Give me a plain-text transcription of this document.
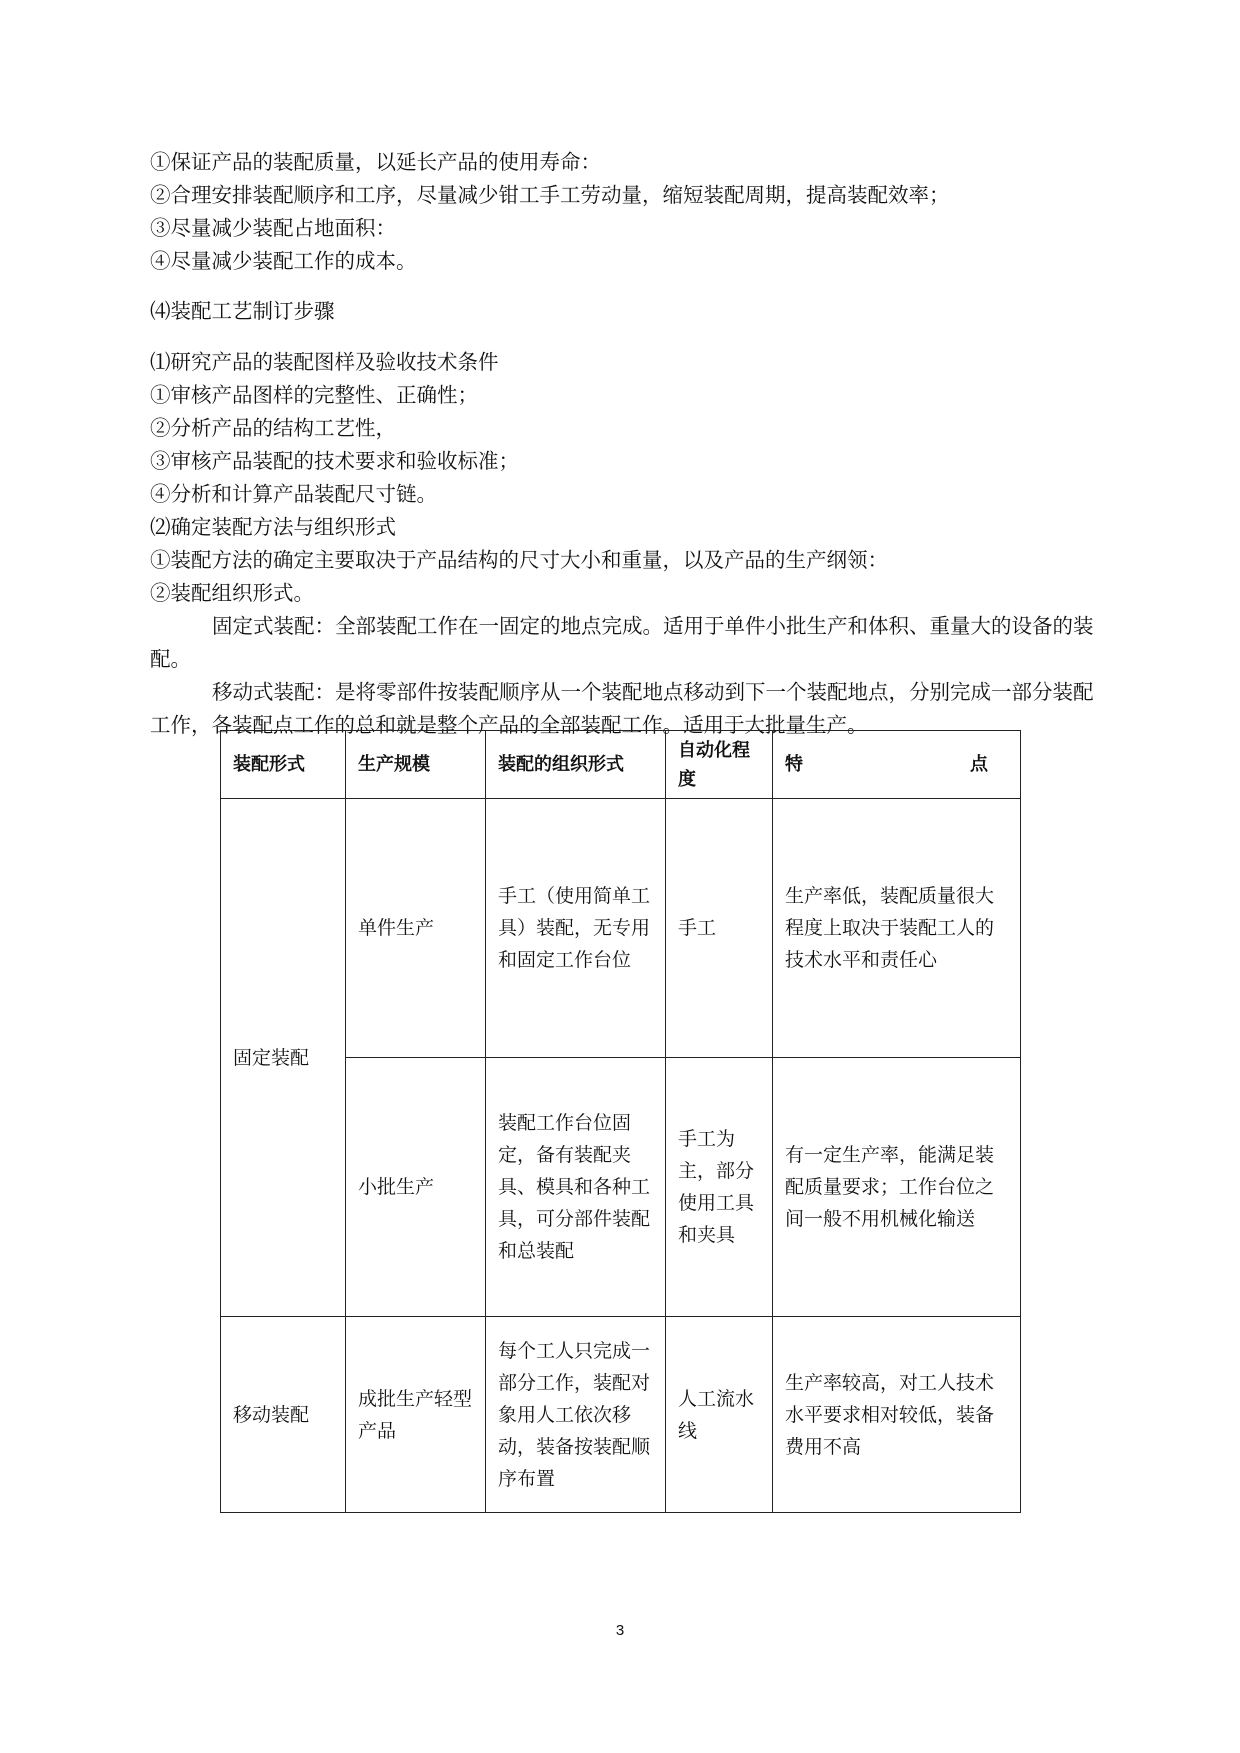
①保证产品的装配质量，以延长产品的使用寿命：
②合理安排装配顺序和工序，尽量减少钳工手工劳动量，缩短装配周期，提高装配效率；
③尽量减少装配占地面积：
④尽量减少装配工作的成本。
⑷装配工艺制订步骤
⑴研究产品的装配图样及验收技术条件
①审核产品图样的完整性、正确性；
②分析产品的结构工艺性，
③审核产品装配的技术要求和验收标准；
④分析和计算产品装配尺寸链。
⑵确定装配方法与组织形式
①装配方法的确定主要取决于产品结构的尺寸大小和重量，以及产品的生产纲领：
②装配组织形式。
固定式装配：全部装配工作在一固定的地点完成。适用于单件小批生产和体积、重量大的设备的装配。
移动式装配：是将零部件按装配顺序从一个装配地点移动到下一个装配地点，分别完成一部分装配工作，各装配点工作的总和就是整个产品的全部装配工作。适用于大批量生产。
装配形式	生产规模	装配的组织形式	自动化程度	特 点

固定装配	单件生产	手工（使用简单工具）装配，无专用和固定工作台位	手工	生产率低，装配质量很大程度上取决于装配工人的技术水平和责任心
	小批生产	装配工作台位固定，备有装配夹具、模具和各种工具，可分部件装配和总装配	手工为主，部分使用工具和夹具	有一定生产率，能满足装配质量要求；工作台位之间一般不用机械化输送
移动装配	成批生产轻型产品	每个工人只完成一部分工作，装配对象用人工依次移动，装备按装配顺序布置	人工流水线	生产率较高，对工人技术水平要求相对较低，装备费用不高
3
